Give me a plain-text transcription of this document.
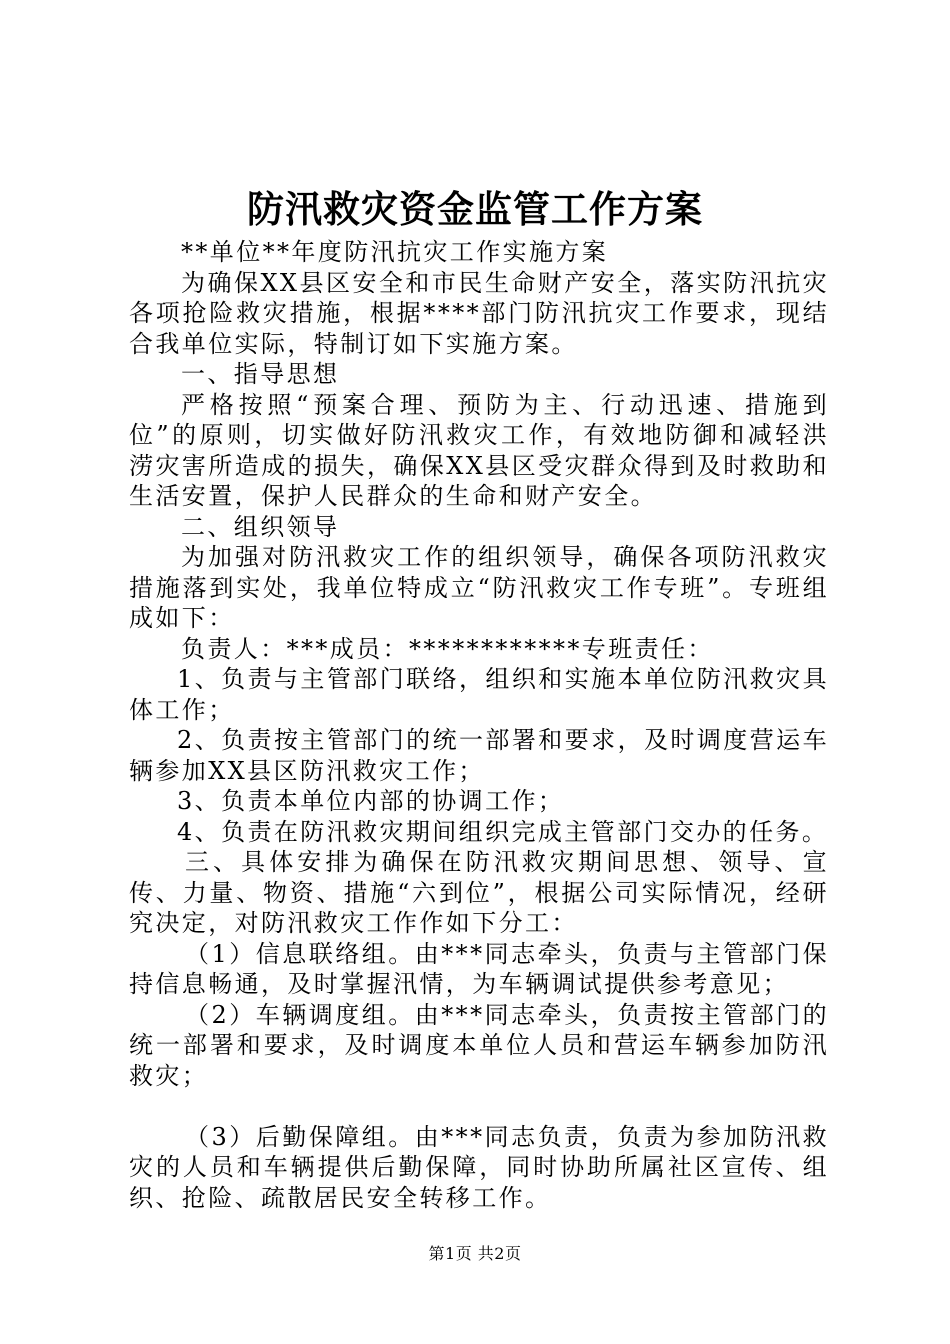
防汛救灾资金监管工作方案

**单位**年度防汛抗灾工作实施方案

为确保XX县区安全和市民生命财产安全，落实防汛抗灾各项抢险救灾措施，根据****部门防汛抗灾工作要求，现结合我单位实际，特制订如下实施方案。

一、指导思想

严格按照“预案合理、预防为主、行动迅速、措施到位”的原则，切实做好防汛救灾工作，有效地防御和减轻洪涝灾害所造成的损失，确保XX县区受灾群众得到及时救助和生活安置，保护人民群众的生命和财产安全。

二、组织领导

为加强对防汛救灾工作的组织领导，确保各项防汛救灾措施落到实处，我单位特成立“防汛救灾工作专班”。专班组成如下：

负责人：***成员：************专班责任：

1、负责与主管部门联络，组织和实施本单位防汛救灾具体工作；

2、负责按主管部门的统一部署和要求，及时调度营运车辆参加XX县区防汛救灾工作；

3、负责本单位内部的协调工作；

4、负责在防汛救灾期间组织完成主管部门交办的任务。

三、具体安排为确保在防汛救灾期间思想、领导、宣传、力量、物资、措施“六到位”，根据公司实际情况，经研究决定，对防汛救灾工作作如下分工：

（1）信息联络组。由***同志牵头，负责与主管部门保持信息畅通，及时掌握汛情，为车辆调试提供参考意见；

（2）车辆调度组。由***同志牵头，负责按主管部门的统一部署和要求，及时调度本单位人员和营运车辆参加防汛救灾；

（3）后勤保障组。由***同志负责，负责为参加防汛救灾的人员和车辆提供后勤保障，同时协助所属社区宣传、组织、抢险、疏散居民安全转移工作。

第1页 共2页
